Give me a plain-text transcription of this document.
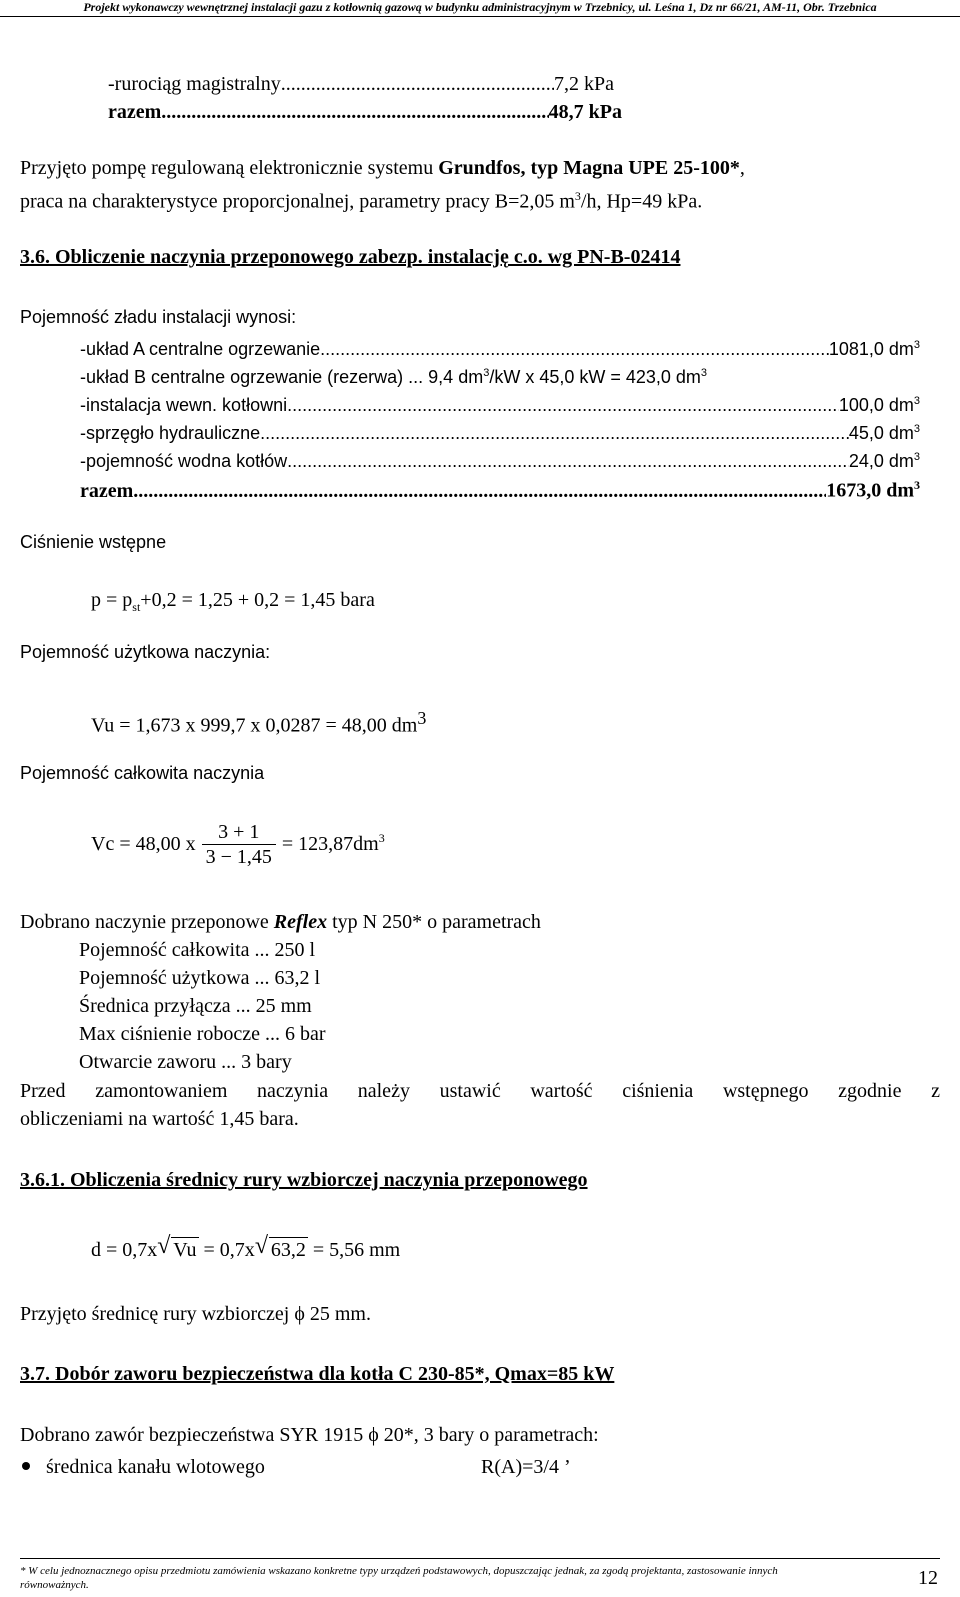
Projekt wykonawczy wewnętrznej instalacji gazu z kotłownią gazową w budynku administracyjnym w Trzebnicy, ul. Leśna 1, Dz nr 66/21, AM-11, Obr. Trzebnica
-rurociąg magistralny .....	7,2 kPa
razem .....	48,7 kPa
Przyjęto pompę regulowaną elektronicznie systemu Grundfos, typ Magna UPE 25-100*,
praca na charakterystyce proporcjonalnej, parametry pracy B=2,05 $m^3/h$, Hp=49 kPa.
3.6. Obliczenie naczynia przeponowego zabezp. instalację c.o. wg PN-B-02414
Pojemność zładu instalacji wynosi:
-układ A centralne ogrzewanie .....	1081,0 $dm^3$
-układ B centralne ogrzewanie (rezerwa) ... 9,4 $dm^3/kW$ x 45,0 kW = 423,0 $dm^3$
-instalacja wewn. kotłowni .....	100,0 $dm^3$
-sprzęgło hydrauliczne .....	45,0 $dm^3$
-pojemność wodna kotłów .....	24,0 $dm^3$
razem .....	1673,0 $dm^3$
Ciśnienie wstępne
$p = p_{st}+0,2 = 1,25 + 0,2 = 1,45$ bara
Pojemność użytkowa naczynia:
Vu = 1,673 x 999,7 x 0,0287 = 48,00 $dm^3$
Pojemność całkowita naczynia
Vc = 48,00 x $\frac{3 + 1}{3 - 1,45} = 123,87dm^3$
Dobrano naczynie przeponowe Reflex typ N 250* o parametrach
Pojemność całkowita ... 250 l
Pojemność użytkowa ... 63,2 l
Średnica przyłącza ... 25 mm
Max ciśnienie robocze ... 6 bar
Otwarcie zaworu ... 3 bary
Przed zamontowaniem naczynia należy ustawić wartość ciśnienia wstępnego zgodnie z
obliczeniami na wartość 1,45 bara.
3.6.1. Obliczenia średnicy rury wzbiorczej naczynia przeponowego
d = 0,7x √ Vu = 0,7x √ 63,2 = 5,56 mm
Przyjęto średnicę rury wzbiorczej ϕ 25 mm.
3.7. Dobór zaworu bezpieczeństwa dla kotła C 230-85*, Qmax=85 kW
Dobrano zawór bezpieczeństwa SYR 1915 ϕ 20*, 3 bary o parametrach:
średnica kanału wlotowego	R(A)=3/4 ’
* W celu jednoznacznego opisu przedmiotu zamówienia wskazano konkretne typy urządzeń podstawowych, dopuszczając jednak, za zgodą projektanta, zastosowanie innych
równoważnych.	12
